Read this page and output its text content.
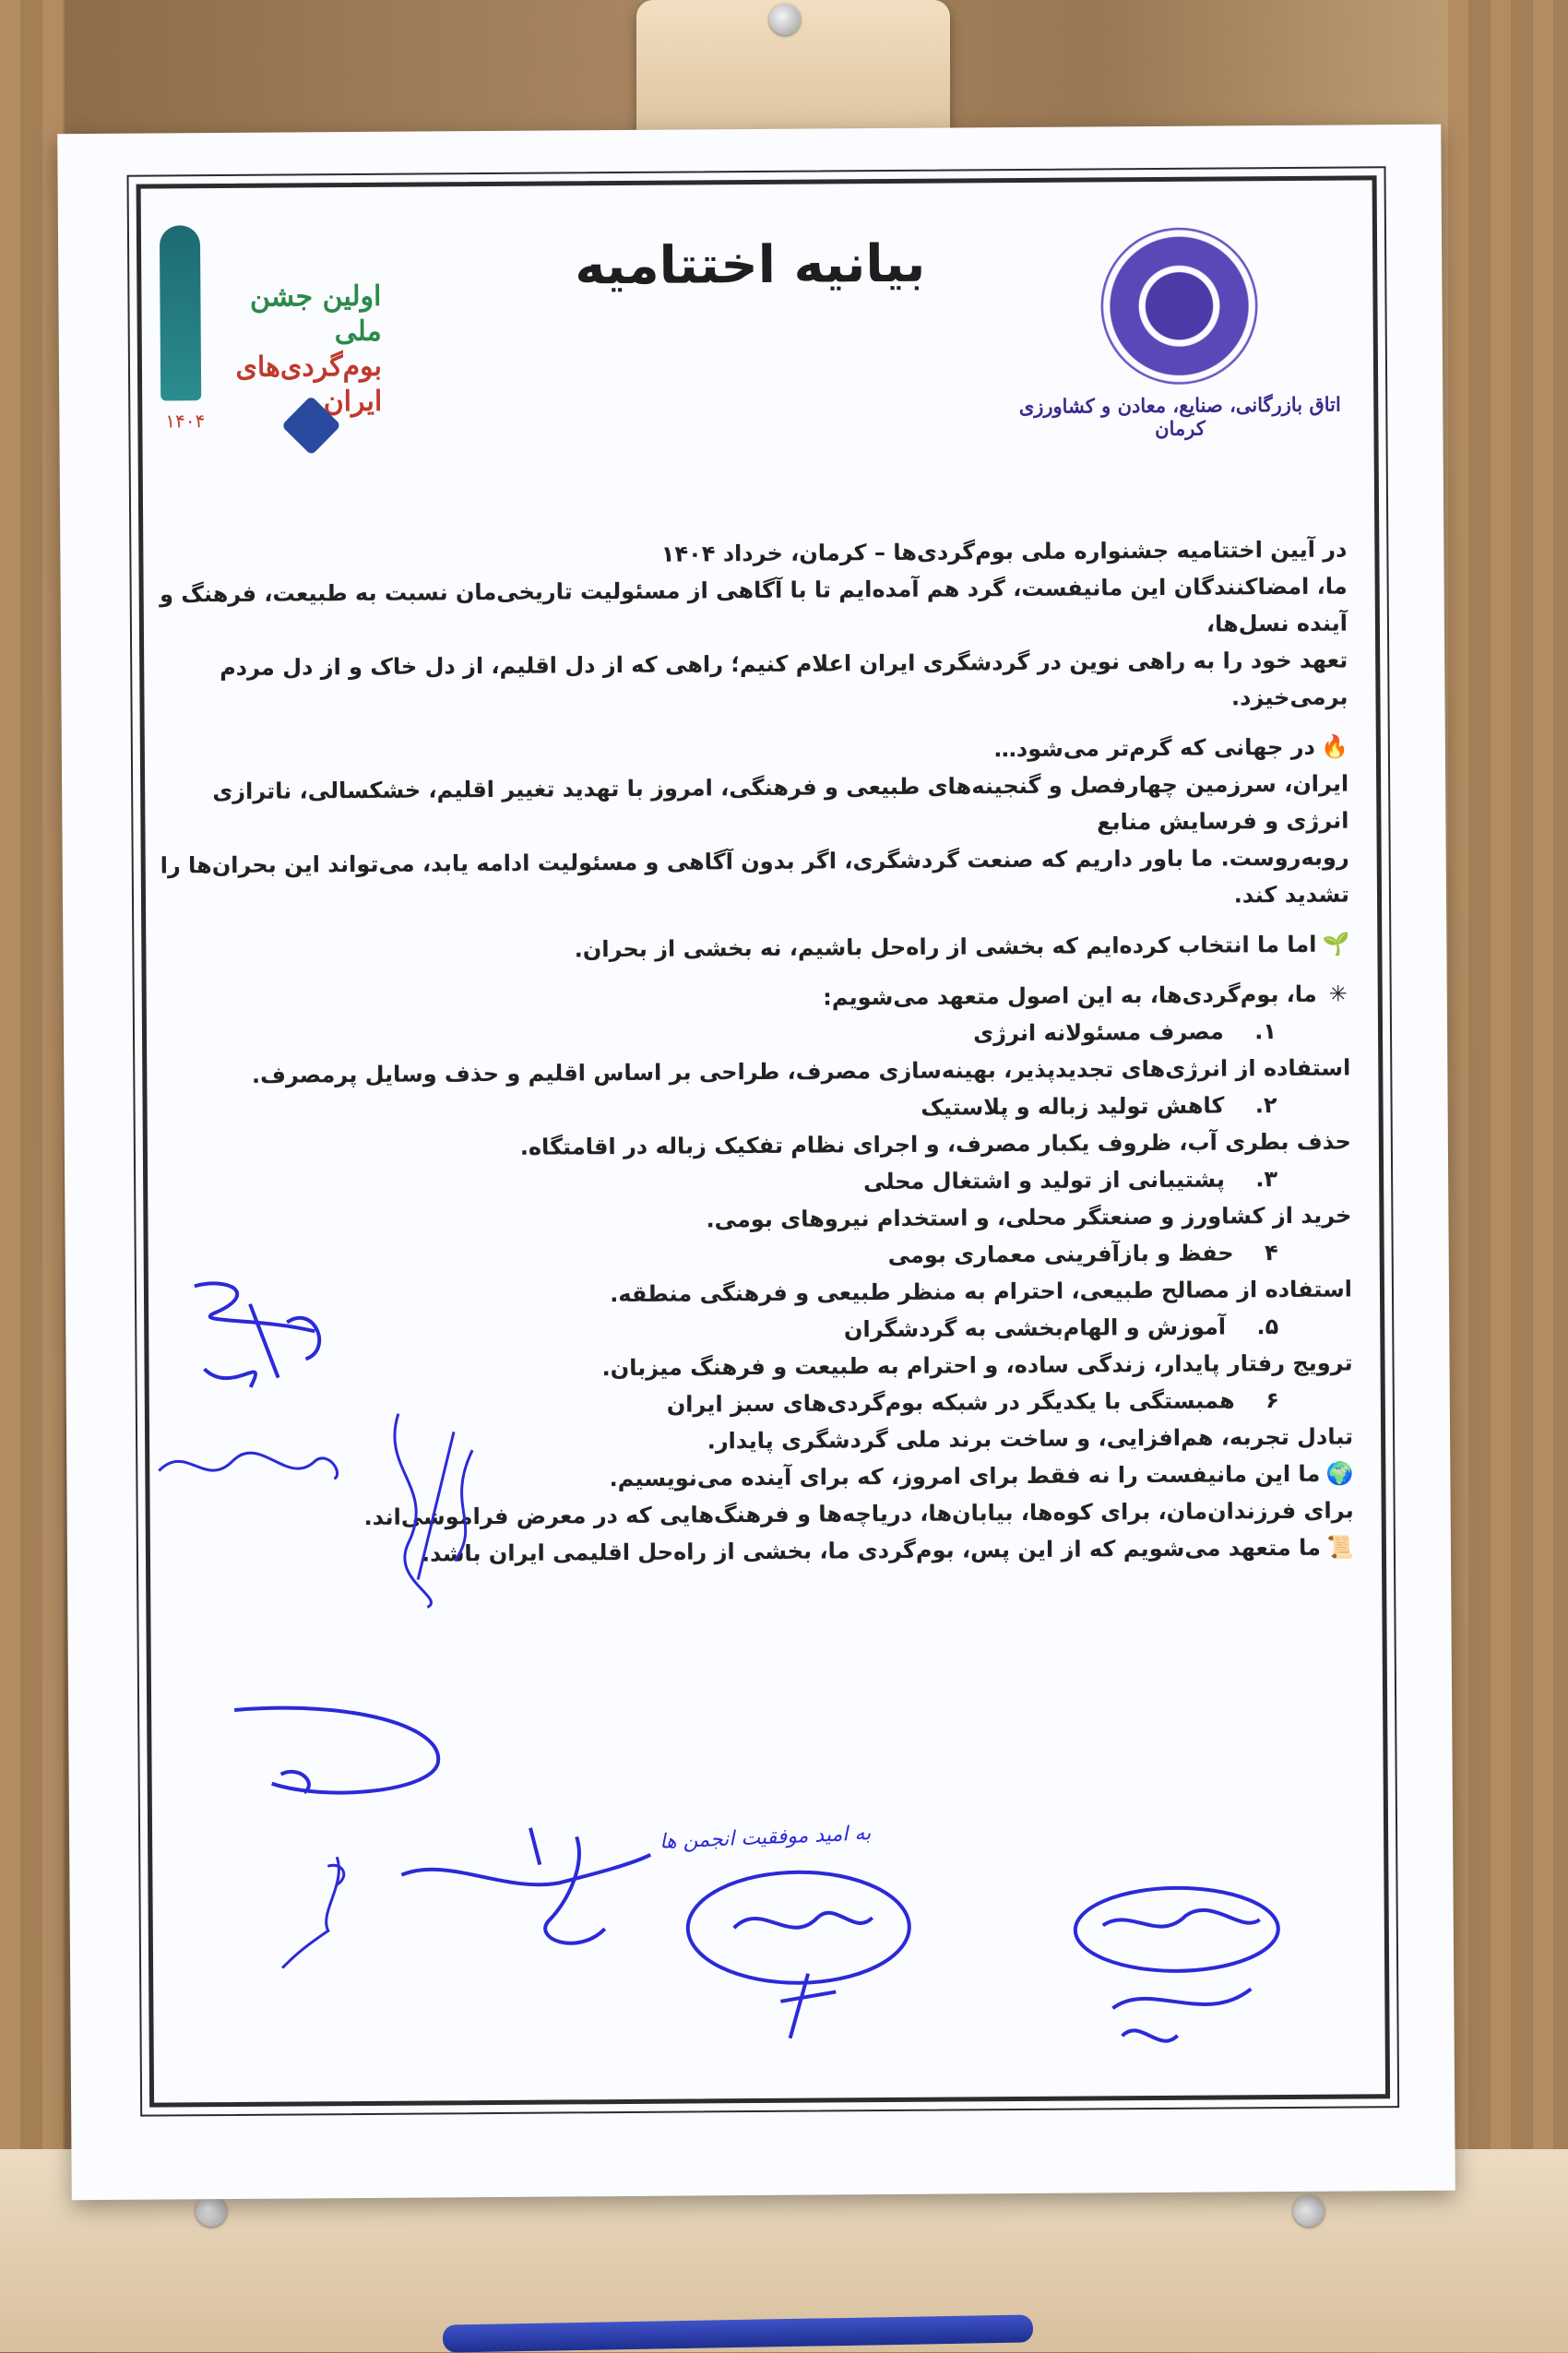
بیانیه اختتامیه
اتاق بازرگانی، صنایع، معادن و کشاورزی کرمان
اولین جشن ملی
بوم‌گردی‌های ایران
۱۴۰۴

در آیین اختتامیه جشنواره ملی بوم‌گردی‌ها – کرمان، خرداد ۱۴۰۴

ما، امضاکنندگان این مانیفست، گرد هم آمده‌ایم تا با آگاهی از مسئولیت تاریخی‌مان نسبت به طبیعت، فرهنگ و آینده نسل‌ها،

تعهد خود را به راهی نوین در گردشگری ایران اعلام کنیم؛ راهی که از دل اقلیم، از دل خاک و از دل مردم برمی‌خیزد.

🔥در جهانی که گرم‌تر می‌شود…

ایران، سرزمین چهارفصل و گنجینه‌های طبیعی و فرهنگی، امروز با تهدید تغییر اقلیم، خشکسالی، ناترازی انرژی و فرسایش منابع

روبه‌روست. ما باور داریم که صنعت گردشگری، اگر بدون آگاهی و مسئولیت ادامه یابد، می‌تواند این بحران‌ها را تشدید کند.

🌱اما ما انتخاب کرده‌ایم که بخشی از راه‌حل باشیم، نه بخشی از بحران.

✳ما، بوم‌گردی‌ها، به این اصول متعهد می‌شویم:

۱.    مصرف مسئولانه انرژی

استفاده از انرژی‌های تجدیدپذیر، بهینه‌سازی مصرف، طراحی بر اساس اقلیم و حذف وسایل پرمصرف.

۲.    کاهش تولید زباله و پلاستیک

حذف بطری آب، ظروف یکبار مصرف، و اجرای نظام تفکیک زباله در اقامتگاه.

۳.    پشتیبانی از تولید و اشتغال محلی

خرید از کشاورز و صنعتگر محلی، و استخدام نیروهای بومی.

۴    حفظ و بازآفرینی معماری بومی

استفاده از مصالح طبیعی، احترام به منظر طبیعی و فرهنگی منطقه.

۵.    آموزش و الهام‌بخشی به گردشگران

ترویج رفتار پایدار، زندگی ساده، و احترام به طبیعت و فرهنگ میزبان.

۶    همبستگی با یکدیگر در شبکه بوم‌گردی‌های سبز ایران

تبادل تجربه، هم‌افزایی، و ساخت برند ملی گردشگری پایدار.

🌍ما این مانیفست را نه فقط برای امروز، که برای آینده می‌نویسیم.

برای فرزندان‌مان، برای کوه‌ها، بیابان‌ها، دریاچه‌ها و فرهنگ‌هایی که در معرض فراموشی‌اند.

📜ما متعهد می‌شویم که از این پس، بوم‌گردی ما، بخشی از راه‌حل اقلیمی ایران باشد.

به امید موفقیت انجمن ها
